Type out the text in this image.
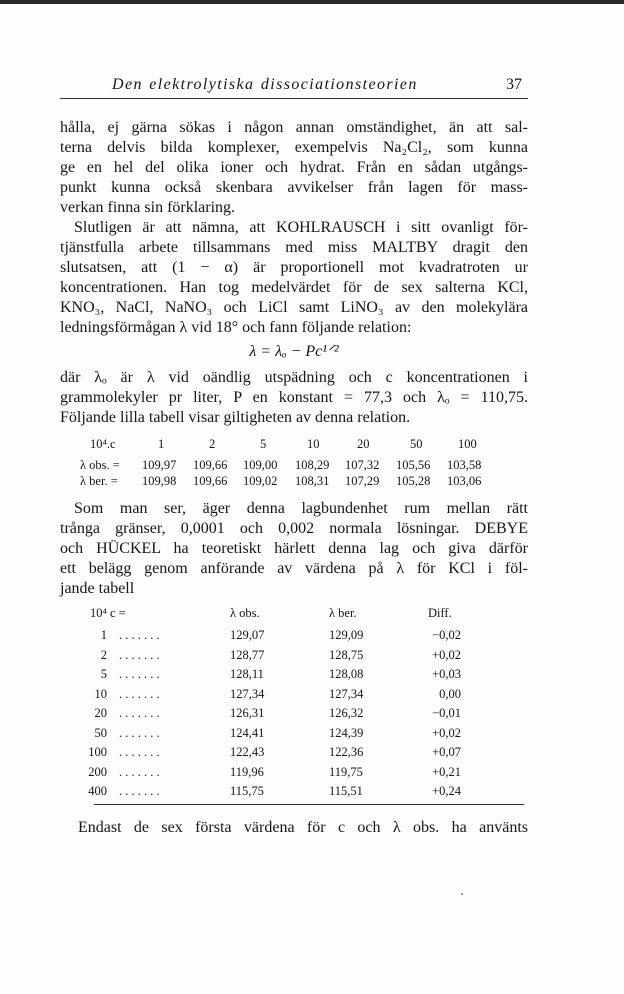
Den elektrolytiska dissociationsteorien	37
hålla, ej gärna sökas i någon annan omständighet, än att sal-
terna delvis bilda komplexer, exempelvis Na₂Cl₂, som kunna
ge en hel del olika ioner och hydrat. Från en sådan utgångs-
punkt kunna också skenbara avvikelser från lagen för mass-
verkan finna sin förklaring.
Slutligen är att nämna, att KOHLRAUSCH i sitt ovanligt för-
tjänstfulla arbete tillsammans med miss MALTBY dragit den
slutsatsen, att (1 − α) är proportionell mot kvadratroten ur
koncentrationen. Han tog medelvärdet för de sex salterna KCl,
KNO₃, NaCl, NaNO₃ och LiCl samt LiNO₃ av den molekylära
ledningsförmågan λ vid 18° och fann följande relation:
λ = λₒ − Pc¹ᐟ²
där λₒ är λ vid oändlig utspädning och c koncentrationen i
grammolekyler pr liter, P en konstant = 77,3 och λₒ = 110,75.
Följande lilla tabell visar giltigheten av denna relation.
10⁴.c	1	2	5	10	20	50	100
λ obs. = 109,97 109,66 109,00 108,29 107,32 105,56 103,58
λ ber. = 109,98 109,66 109,02 108,31 107,29 105,28 103,06
Som man ser, äger denna lagbundenhet rum mellan rätt
trånga gränser, 0,0001 och 0,002 normala lösningar. DEBYE
och HÜCKEL ha teoretiskt härlett denna lag och giva därför
ett belägg genom anförande av värdena på λ för KCl i föl-
jande tabell
10⁴ c =	λ obs.	λ ber.	Diff.
1 . . . . . . .	129,07	129,09	−0,02
2 . . . . . . .	128,77	128,75	+0,02
5 . . . . . . .	128,11	128,08	+0,03
10 . . . . . . .	127,34	127,34	0,00
20 . . . . . . .	126,31	126,32	−0,01
50 . . . . . . .	124,41	124,39	+0,02
100 . . . . . . .	122,43	122,36	+0,07
200 . . . . . . .	119,96	119,75	+0,21
400 . . . . . . .	115,75	115,51	+0,24
Endast de sex första värdena för c och λ obs. ha använts
